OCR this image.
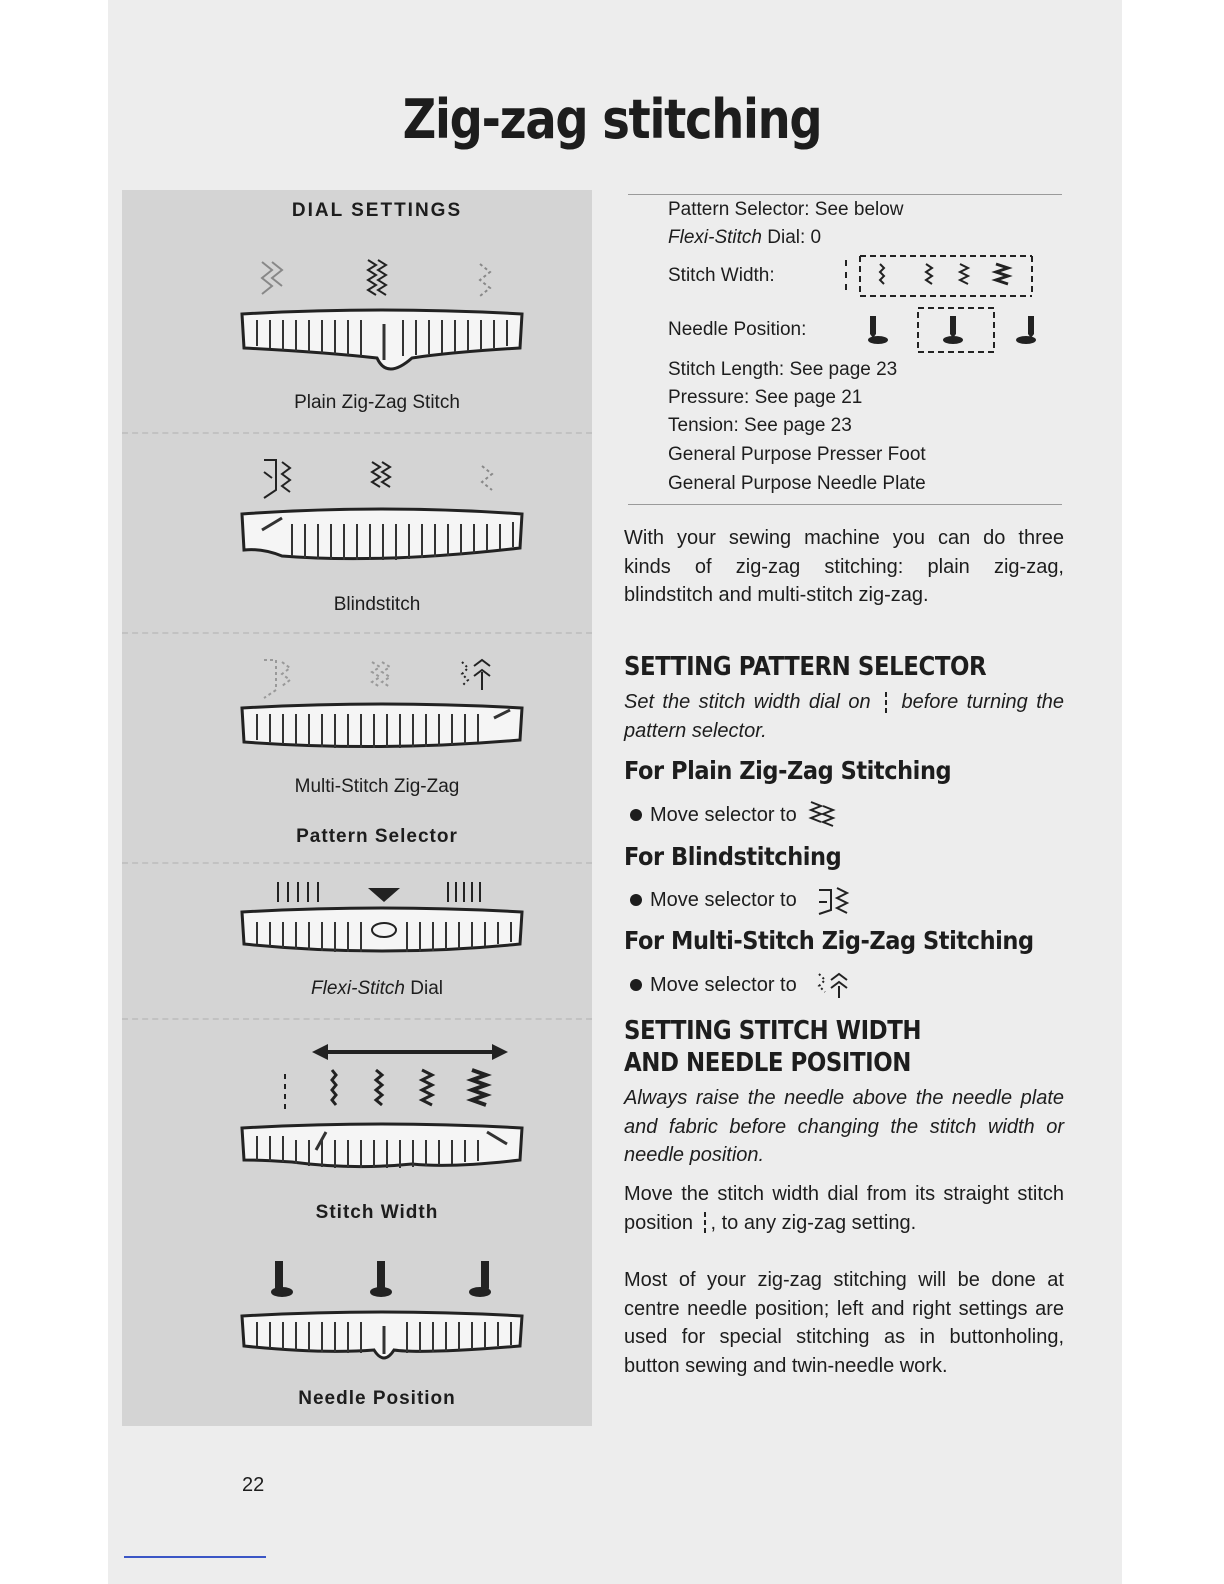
Zig-zag stitching
DIAL SETTINGS
Plain Zig-Zag Stitch
Blindstitch
Multi-Stitch Zig-Zag
Pattern Selector
Flexi-Stitch Dial
Stitch Width
Needle Position
Pattern Selector: See below
Flexi-Stitch Dial: 0
Stitch Width:
Needle Position:
Stitch Length: See page 23
Pressure: See page 21
Tension: See page 23
General Purpose Presser Foot
General Purpose Needle Plate
With your sewing machine you can do three kinds of zig-zag stitching: plain zig-zag, blindstitch and multi-stitch zig-zag.
SETTING PATTERN SELECTOR
Set the stitch width dial on before turning the pattern selector.
For Plain Zig-Zag Stitching
Move selector to
For Blindstitching
Move selector to
For Multi-Stitch Zig-Zag Stitching
Move selector to
SETTING STITCH WIDTH
AND NEEDLE POSITION
Always raise the needle above the needle plate and fabric before changing the stitch width or needle position.
Move the stitch width dial from its straight stitch position , to any zig-zag setting.
Most of your zig-zag stitching will be done at centre needle position; left and right settings are used for special stitching as in buttonholing, button sewing and twin-needle work.
22
